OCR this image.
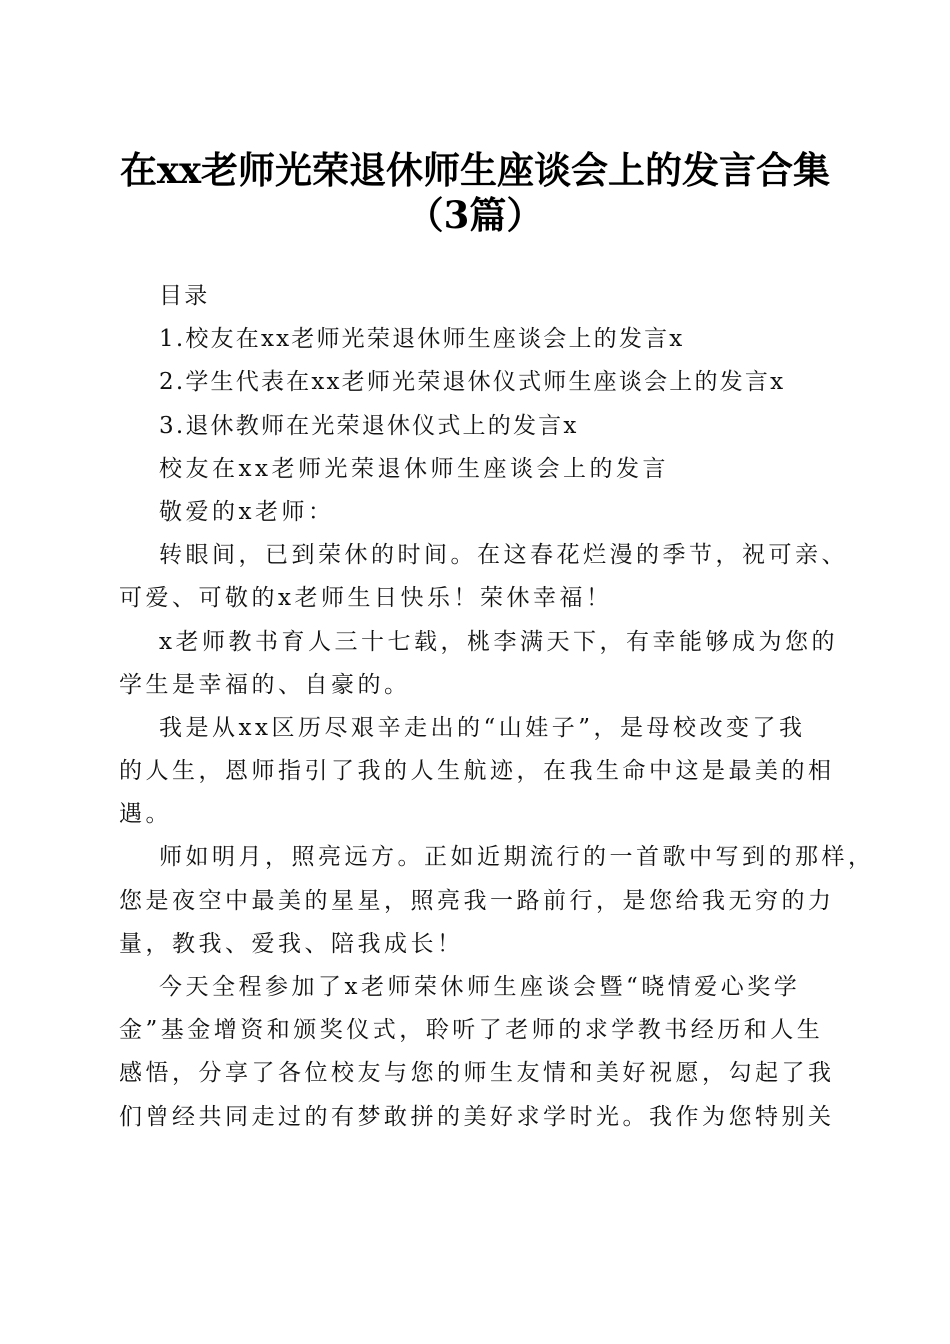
在xx老师光荣退休师生座谈会上的发言合集
（3篇）
目录
1.校友在xx老师光荣退休师生座谈会上的发言x
2.学生代表在xx老师光荣退休仪式师生座谈会上的发言x
3.退休教师在光荣退休仪式上的发言x
校友在xx老师光荣退休师生座谈会上的发言
敬爱的x老师：
转眼间，已到荣休的时间。在这春花烂漫的季节，祝可亲、
可爱、可敬的x老师生日快乐！荣休幸福！
x老师教书育人三十七载，桃李满天下，有幸能够成为您的
学生是幸福的、自豪的。
我是从xx区历尽艰辛走出的“山娃子”，是母校改变了我
的人生，恩师指引了我的人生航迹，在我生命中这是最美的相
遇。
师如明月，照亮远方。正如近期流行的一首歌中写到的那样，
您是夜空中最美的星星，照亮我一路前行，是您给我无穷的力
量，教我、爱我、陪我成长！
今天全程参加了x老师荣休师生座谈会暨“晓情爱心奖学
金”基金增资和颁奖仪式，聆听了老师的求学教书经历和人生
感悟，分享了各位校友与您的师生友情和美好祝愿，勾起了我
们曾经共同走过的有梦敢拼的美好求学时光。我作为您特别关
